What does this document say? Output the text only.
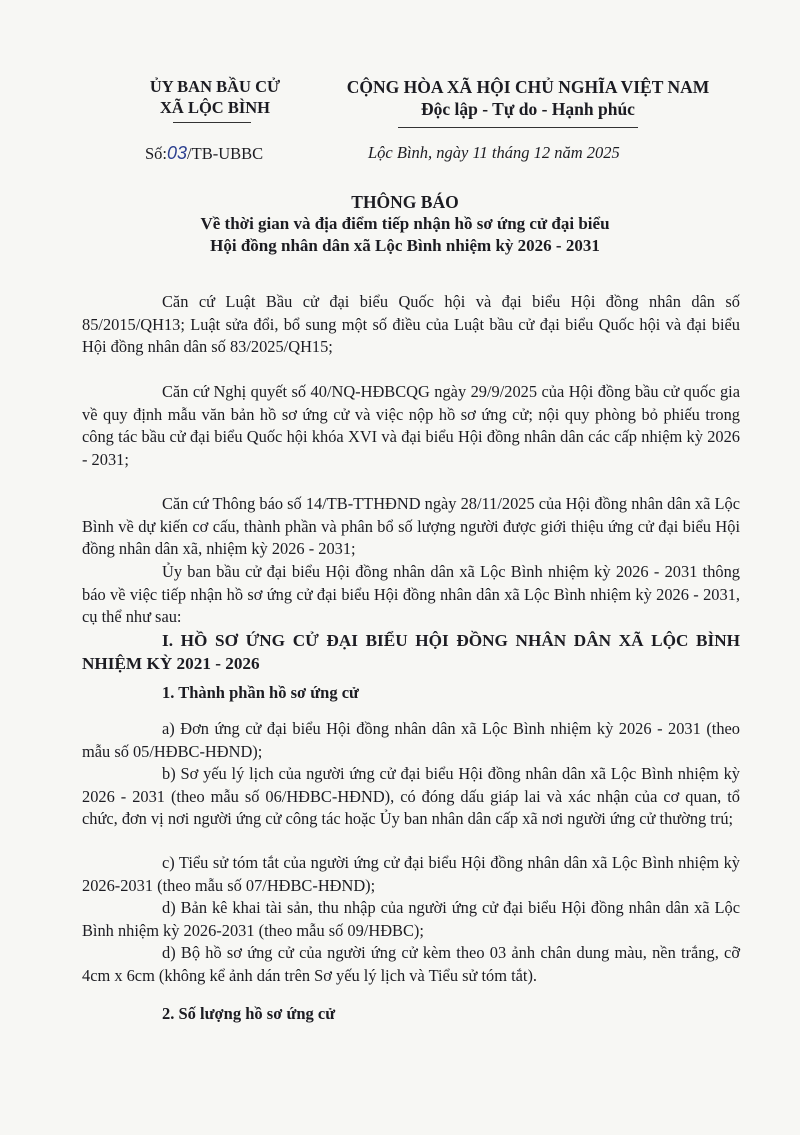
ỦY BAN BẦU CỬ
XÃ LỘC BÌNH
CỘNG HÒA XÃ HỘI CHỦ NGHĨA VIỆT NAM
Độc lập - Tự do - Hạnh phúc
Số:03/TB-UBBC	Lộc Bình, ngày 11 tháng 12 năm 2025
THÔNG BÁO
Về thời gian và địa điểm tiếp nhận hồ sơ ứng cử đại biểu
Hội đồng nhân dân xã Lộc Bình nhiệm kỳ 2026 - 2031

Căn cứ Luật Bầu cử đại biểu Quốc hội và đại biểu Hội đồng nhân dân số 85/2015/QH13; Luật sửa đổi, bổ sung một số điều của Luật bầu cử đại biểu Quốc hội và đại biểu Hội đồng nhân dân số 83/2025/QH15;

Căn cứ Nghị quyết số 40/NQ-HĐBCQG ngày 29/9/2025 của Hội đồng bầu cử quốc gia về quy định mẫu văn bản hồ sơ ứng cử và việc nộp hồ sơ ứng cử; nội quy phòng bỏ phiếu trong công tác bầu cử đại biểu Quốc hội khóa XVI và đại biểu Hội đồng nhân dân các cấp nhiệm kỳ 2026 - 2031;

Căn cứ Thông báo số 14/TB-TTHĐND ngày 28/11/2025 của Hội đồng nhân dân xã Lộc Bình về dự kiến cơ cấu, thành phần và phân bổ số lượng người được giới thiệu ứng cử đại biểu Hội đồng nhân dân xã, nhiệm kỳ 2026 - 2031;

Ủy ban bầu cử đại biểu Hội đồng nhân dân xã Lộc Bình nhiệm kỳ 2026 - 2031 thông báo về việc tiếp nhận hồ sơ ứng cử đại biểu Hội đồng nhân dân xã Lộc Bình nhiệm kỳ 2026 - 2031, cụ thể như sau:

I. HỒ SƠ ỨNG CỬ ĐẠI BIỂU HỘI ĐỒNG NHÂN DÂN XÃ LỘC BÌNH NHIỆM KỲ 2021 - 2026

1. Thành phần hồ sơ ứng cử

a) Đơn ứng cử đại biểu Hội đồng nhân dân xã Lộc Bình nhiệm kỳ 2026 - 2031 (theo mẫu số 05/HĐBC-HĐND);

b) Sơ yếu lý lịch của người ứng cử đại biểu Hội đồng nhân dân xã Lộc Bình nhiệm kỳ 2026 - 2031 (theo mẫu số 06/HĐBC-HĐND), có đóng dấu giáp lai và xác nhận của cơ quan, tổ chức, đơn vị nơi người ứng cử công tác hoặc Ủy ban nhân dân cấp xã nơi người ứng cử thường trú;

c) Tiểu sử tóm tắt của người ứng cử đại biểu Hội đồng nhân dân xã Lộc Bình nhiệm kỳ 2026-2031 (theo mẫu số 07/HĐBC-HĐND);

d) Bản kê khai tài sản, thu nhập của người ứng cử đại biểu Hội đồng nhân dân xã Lộc Bình nhiệm kỳ 2026-2031 (theo mẫu số 09/HĐBC);

d) Bộ hồ sơ ứng cử của người ứng cử kèm theo 03 ảnh chân dung màu, nền trắng, cỡ 4cm x 6cm (không kể ảnh dán trên Sơ yếu lý lịch và Tiểu sử tóm tắt).

2. Số lượng hồ sơ ứng cử
